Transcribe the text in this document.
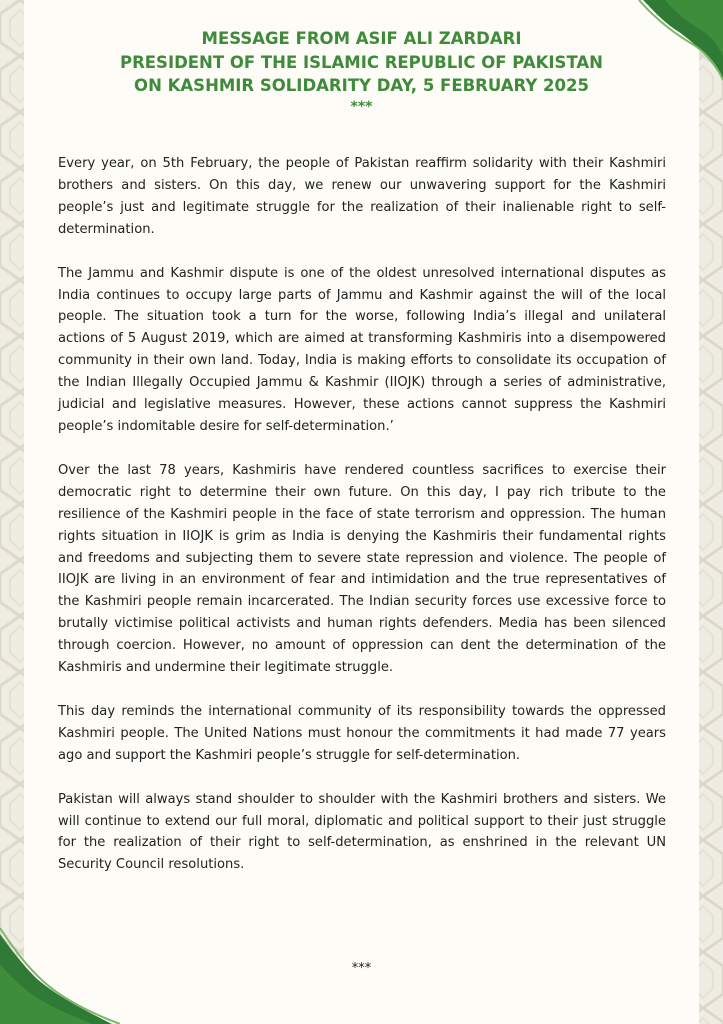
MESSAGE FROM ASIF ALI ZARDARI
PRESIDENT OF THE ISLAMIC REPUBLIC OF PAKISTAN
ON KASHMIR SOLIDARITY DAY, 5 FEBRUARY 2025
***

Every year, on 5th February, the people of Pakistan reaffirm solidarity with their Kashmiri brothers and sisters. On this day, we renew our unwavering support for the Kashmiri people’s just and legitimate struggle for the realization of their inalienable right to self-determination.

The Jammu and Kashmir dispute is one of the oldest unresolved international disputes as India continues to occupy large parts of Jammu and Kashmir against the will of the local people. The situation took a turn for the worse, following India’s illegal and unilateral actions of 5 August 2019, which are aimed at transforming Kashmiris into a disempowered community in their own land. Today, India is making efforts to consolidate its occupation of the Indian Illegally Occupied Jammu & Kashmir (IIOJK) through a series of administrative, judicial and legislative measures. However, these actions cannot suppress the Kashmiri people’s indomitable desire for self-determination.’

Over the last 78 years, Kashmiris have rendered countless sacrifices to exercise their democratic right to determine their own future. On this day, I pay rich tribute to the resilience of the Kashmiri people in the face of state terrorism and oppression. The human rights situation in IIOJK is grim as India is denying the Kashmiris their fundamental rights and freedoms and subjecting them to severe state repression and violence. The people of IIOJK are living in an environment of fear and intimidation and the true representatives of the Kashmiri people remain incarcerated. The Indian security forces use excessive force to brutally victimise political activists and human rights defenders. Media has been silenced through coercion. However, no amount of oppression can dent the determination of the Kashmiris and undermine their legitimate struggle.

This day reminds the international community of its responsibility towards the oppressed Kashmiri people. The United Nations must honour the commitments it had made 77 years ago and support the Kashmiri people’s struggle for self-determination.

Pakistan will always stand shoulder to shoulder with the Kashmiri brothers and sisters. We will continue to extend our full moral, diplomatic and political support to their just struggle for the realization of their right to self-determination, as enshrined in the relevant UN Security Council resolutions.

***
